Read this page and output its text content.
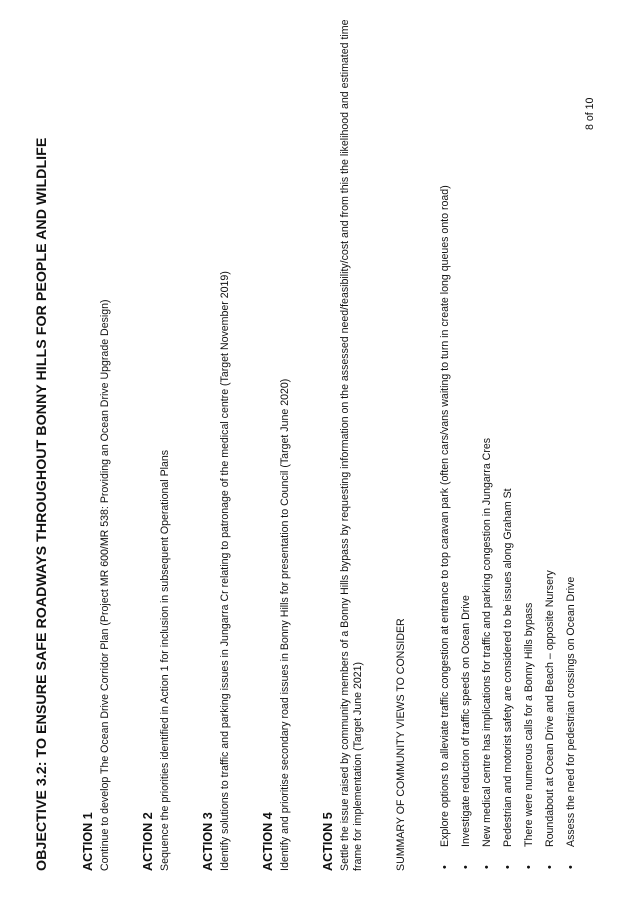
OBJECTIVE 3.2: TO ENSURE SAFE ROADWAYS THROUGHOUT BONNY HILLS FOR PEOPLE AND WILDLIFE ACTION 1 Continue to develop The Ocean Drive Corridor Plan (Project MR 600/MR 538: Providing an Ocean Drive Upgrade Design) ACTION 2 Sequence the priorities identified in Action 1 for inclusion in subsequent Operational Plans ACTION 3 Identify solutions to traffic and parking issues in Jungarra Cr relating to patronage of the medical centre (Target November 2019) ACTION 4 Identify and prioritise secondary road issues in Bonny Hills for presentation to Council (Target June 2020) ACTION 5 Settle the issue raised by community members of a Bonny Hills bypass by requesting information on the assessed need/feasibility/cost and from this the likelihood and estimated time frame for implementation (Target June 2021)	SUMMARY OF COMMUNITY VIEWS TO CONSIDER	•
Explore options to alleviate traffic congestion at entrance to top caravan park (often cars/vans waiting to turn in create long queues onto road)
•
Investigate reduction of traffic speeds on Ocean Drive
•
New medical centre has implications for traffic and parking congestion in Jungarra Cres
•
Pedestrian and motorist safety are considered to be issues along Graham St
•
There were numerous calls for a Bonny Hills bypass
•
Roundabout at Ocean Drive and Beach – opposite Nursery
•
Assess the need for pedestrian crossings on Ocean Drive
8 of 10
